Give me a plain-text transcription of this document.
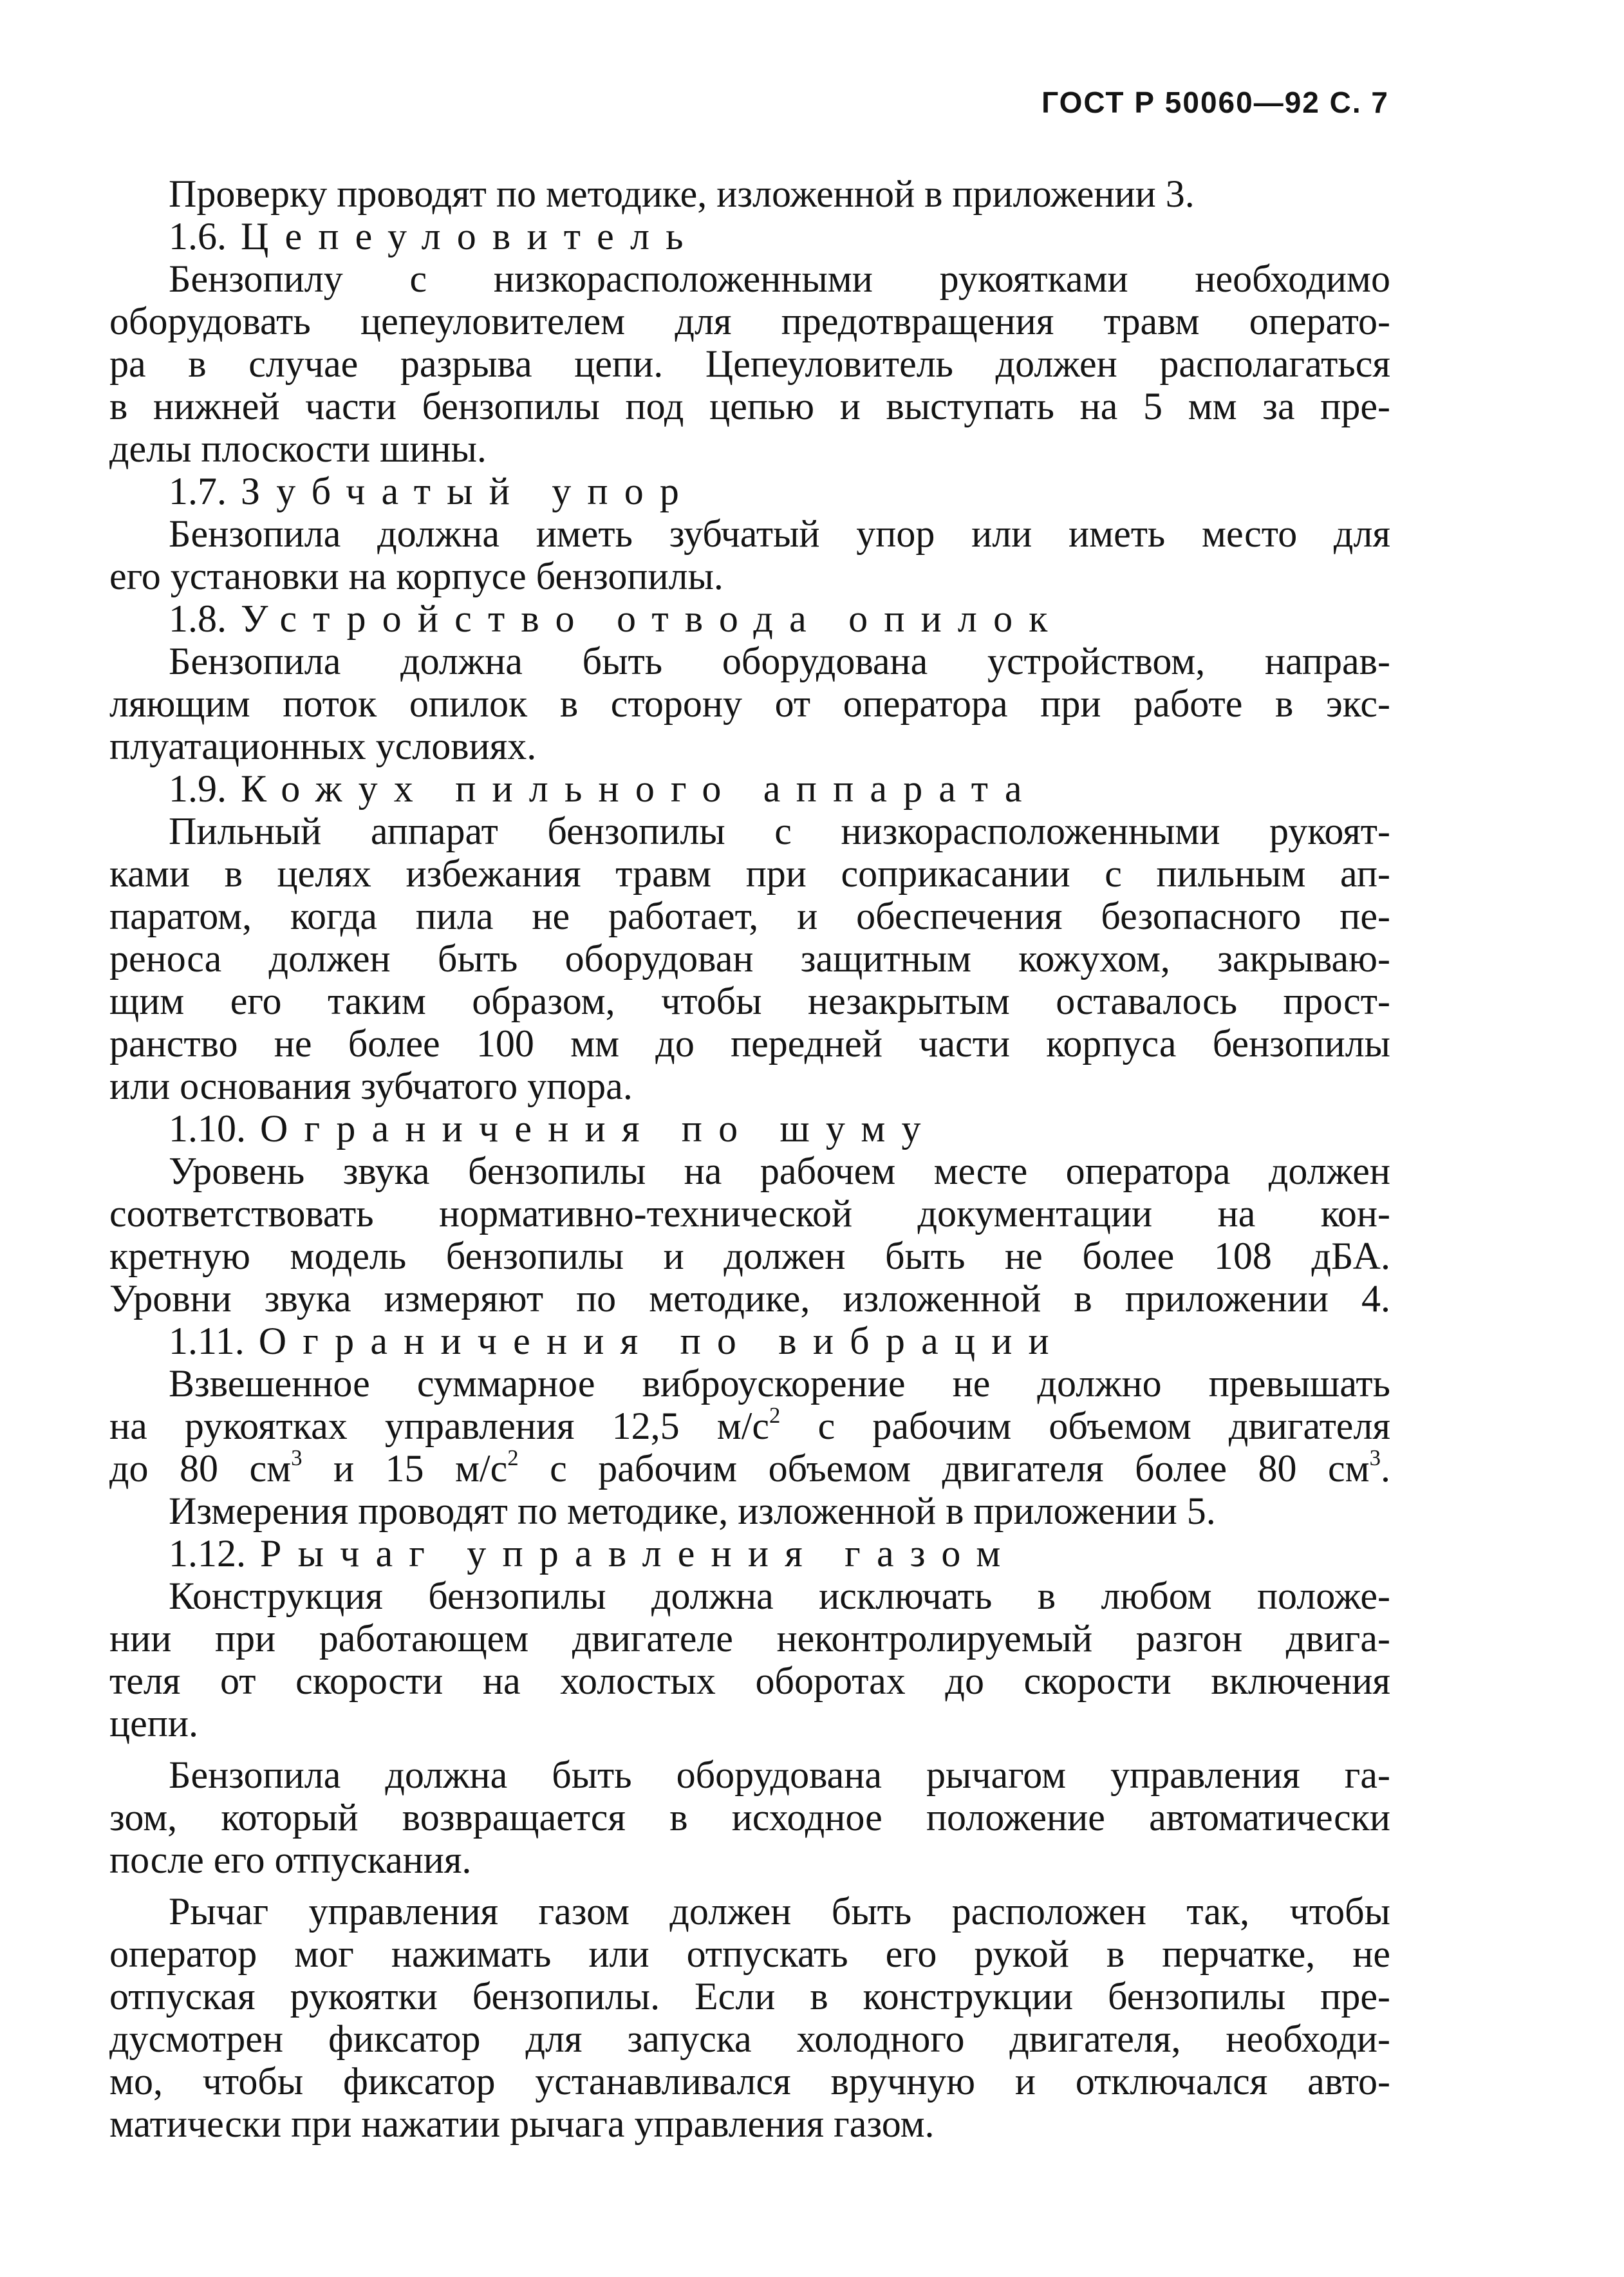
ГОСТ Р 50060—92 С. 7
Проверку проводят по методике, изложенной в приложении 3.
1.6. Цепеуловитель
Бензопилу с низкорасположенными рукоятками необходимо
оборудовать цепеуловителем для предотвращения травм операто-
ра в случае разрыва цепи. Цепеуловитель должен располагаться
в нижней части бензопилы под цепью и выступать на 5 мм за пре-
делы плоскости шины.
1.7. Зубчатый упор
Бензопила должна иметь зубчатый упор или иметь место для
его установки на корпусе бензопилы.
1.8. Устройство отвода опилок
Бензопила должна быть оборудована устройством, направ-
ляющим поток опилок в сторону от оператора при работе в экс-
плуатационных условиях.
1.9. Кожух пильного аппарата
Пильный аппарат бензопилы с низкорасположенными рукоят-
ками в целях избежания травм при соприкасании с пильным ап-
паратом, когда пила не работает, и обеспечения безопасного пе-
реноса должен быть оборудован защитным кожухом, закрываю-
щим его таким образом, чтобы незакрытым оставалось прост-
ранство не более 100 мм до передней части корпуса бензопилы
или основания зубчатого упора.
1.10. Ограничения по шуму
Уровень звука бензопилы на рабочем месте оператора должен
соответствовать нормативно-технической документации на кон-
кретную модель бензопилы и должен быть не более 108 дБА.
Уровни звука измеряют по методике, изложенной в приложении 4.
1.11. Ограничения по вибрации
Взвешенное суммарное виброускорение не должно превышать
на рукоятках управления 12,5 $м/с^2$ с рабочим объемом двигателя
до 80 $см^3$ и 15 $м/с^2$ с рабочим объемом двигателя более 80 $см^3$.
Измерения проводят по методике, изложенной в приложении 5.
1.12. Рычаг управления газом
Конструкция бензопилы должна исключать в любом положе-
нии при работающем двигателе неконтролируемый разгон двига-
теля от скорости на холостых оборотах до скорости включения
цепи.
Бензопила должна быть оборудована рычагом управления га-
зом, который возвращается в исходное положение автоматически
после его отпускания.
Рычаг управления газом должен быть расположен так, чтобы
оператор мог нажимать или отпускать его рукой в перчатке, не
отпуская рукоятки бензопилы. Если в конструкции бензопилы пре-
дусмотрен фиксатор для запуска холодного двигателя, необходи-
мо, чтобы фиксатор устанавливался вручную и отключался авто-
матически при нажатии рычага управления газом.
